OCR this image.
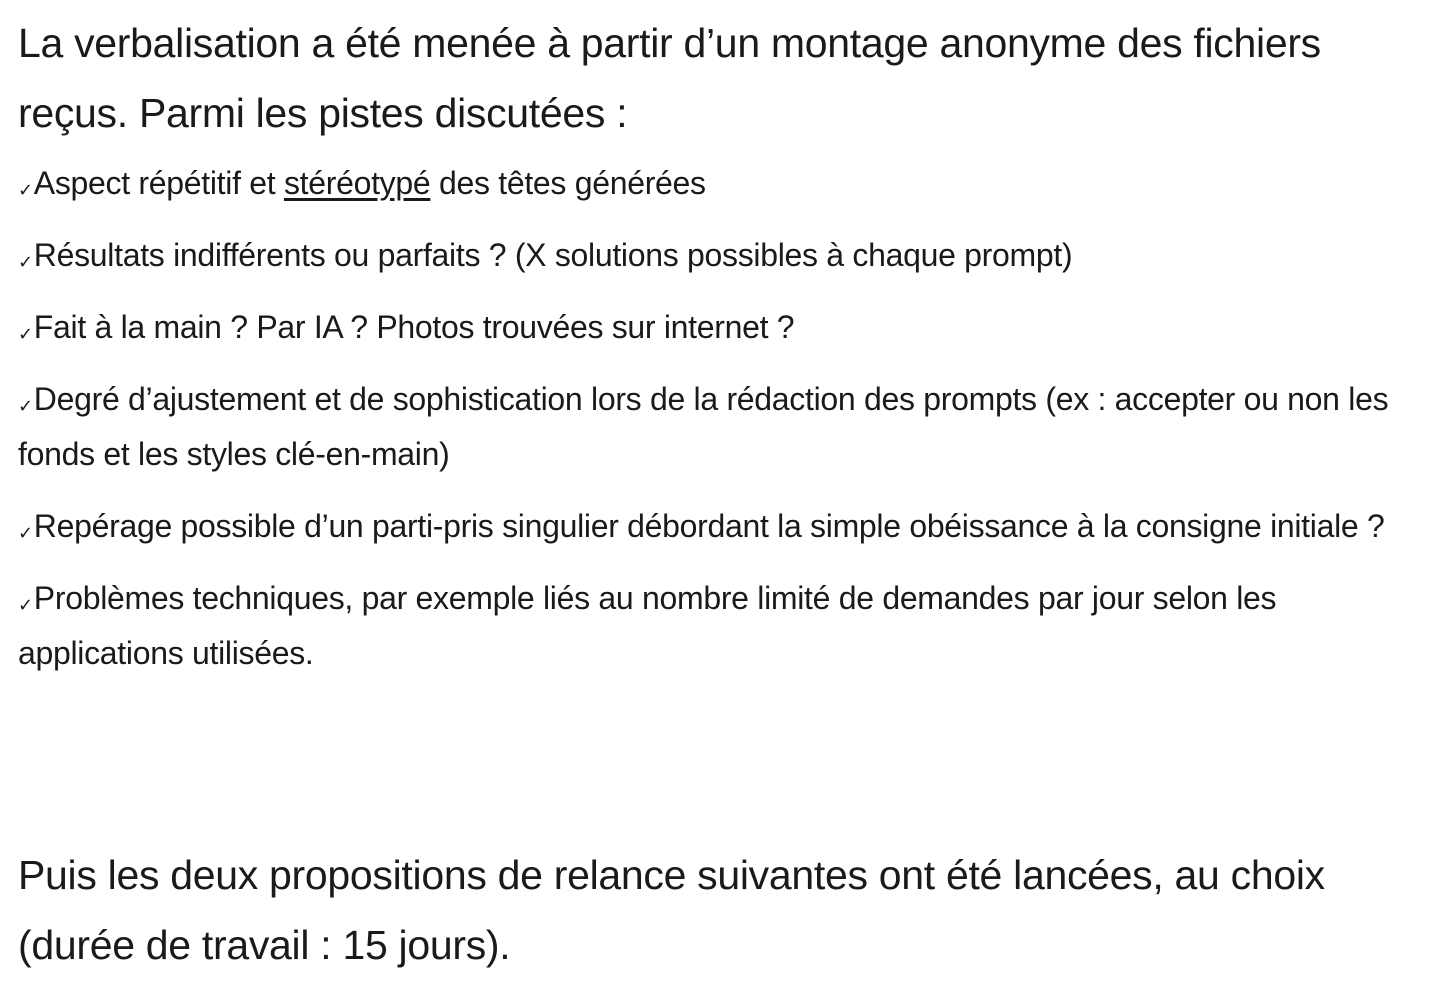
La verbalisation a été menée à partir d’un montage anonyme des fichiers reçus. Parmi les pistes discutées :

✓Aspect répétitif et stéréotypé des têtes générées
✓Résultats indifférents ou parfaits ? (X solutions possibles à chaque prompt)
✓Fait à la main ? Par IA ? Photos trouvées sur internet ?
✓Degré d’ajustement et de sophistication lors de la rédaction des prompts (ex : accepter ou non les fonds et les styles clé-en-main)
✓Repérage possible d’un parti-pris singulier débordant la simple obéissance à la consigne initiale ?
✓Problèmes techniques, par exemple liés au nombre limité de demandes par jour selon les applications utilisées.

Puis les deux propositions de relance suivantes ont été lancées, au choix (durée de travail : 15 jours).
